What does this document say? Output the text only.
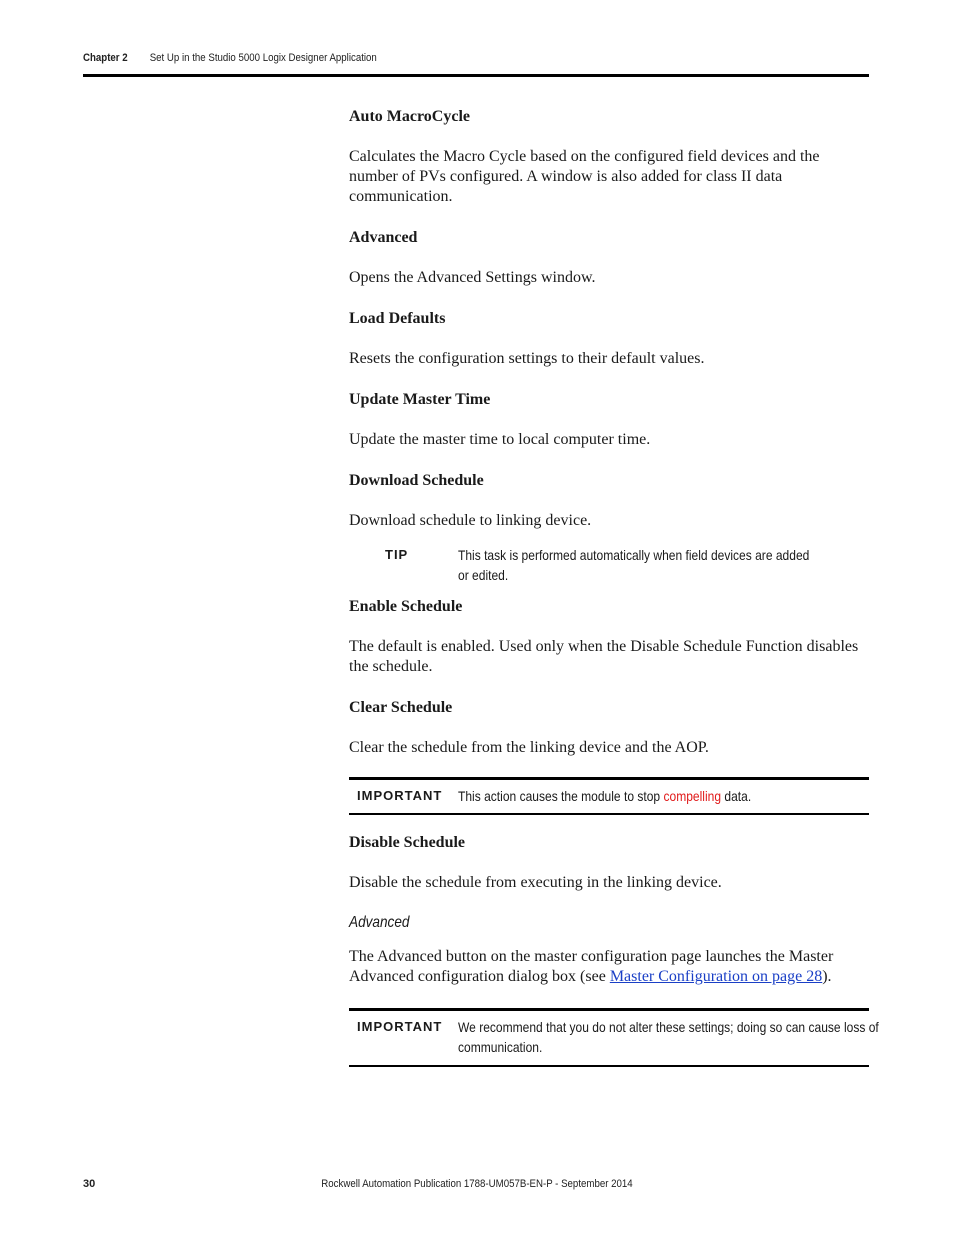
Chapter 2 Set Up in the Studio 5000 Logix Designer Application

Auto MacroCycle

Calculates the Macro Cycle based on the configured field devices and the number of PVs configured. A window is also added for class II data communication.

Advanced

Opens the Advanced Settings window.

Load Defaults

Resets the configuration settings to their default values.

Update Master Time

Update the master time to local computer time.

Download Schedule

Download schedule to linking device.

TIP	This task is performed automatically when field devices are added or edited.

Enable Schedule

The default is enabled. Used only when the Disable Schedule Function disables the schedule.

Clear Schedule

Clear the schedule from the linking device and the AOP.

IMPORTANT	This action causes the module to stop compelling data.

Disable Schedule

Disable the schedule from executing in the linking device.

Advanced

The Advanced button on the master configuration page launches the Master Advanced configuration dialog box (see Master Configuration on page 28).

IMPORTANT	We recommend that you do not alter these settings; doing so can cause loss of communication.
30	Rockwell Automation Publication 1788-UM057B-EN-P - September 2014
